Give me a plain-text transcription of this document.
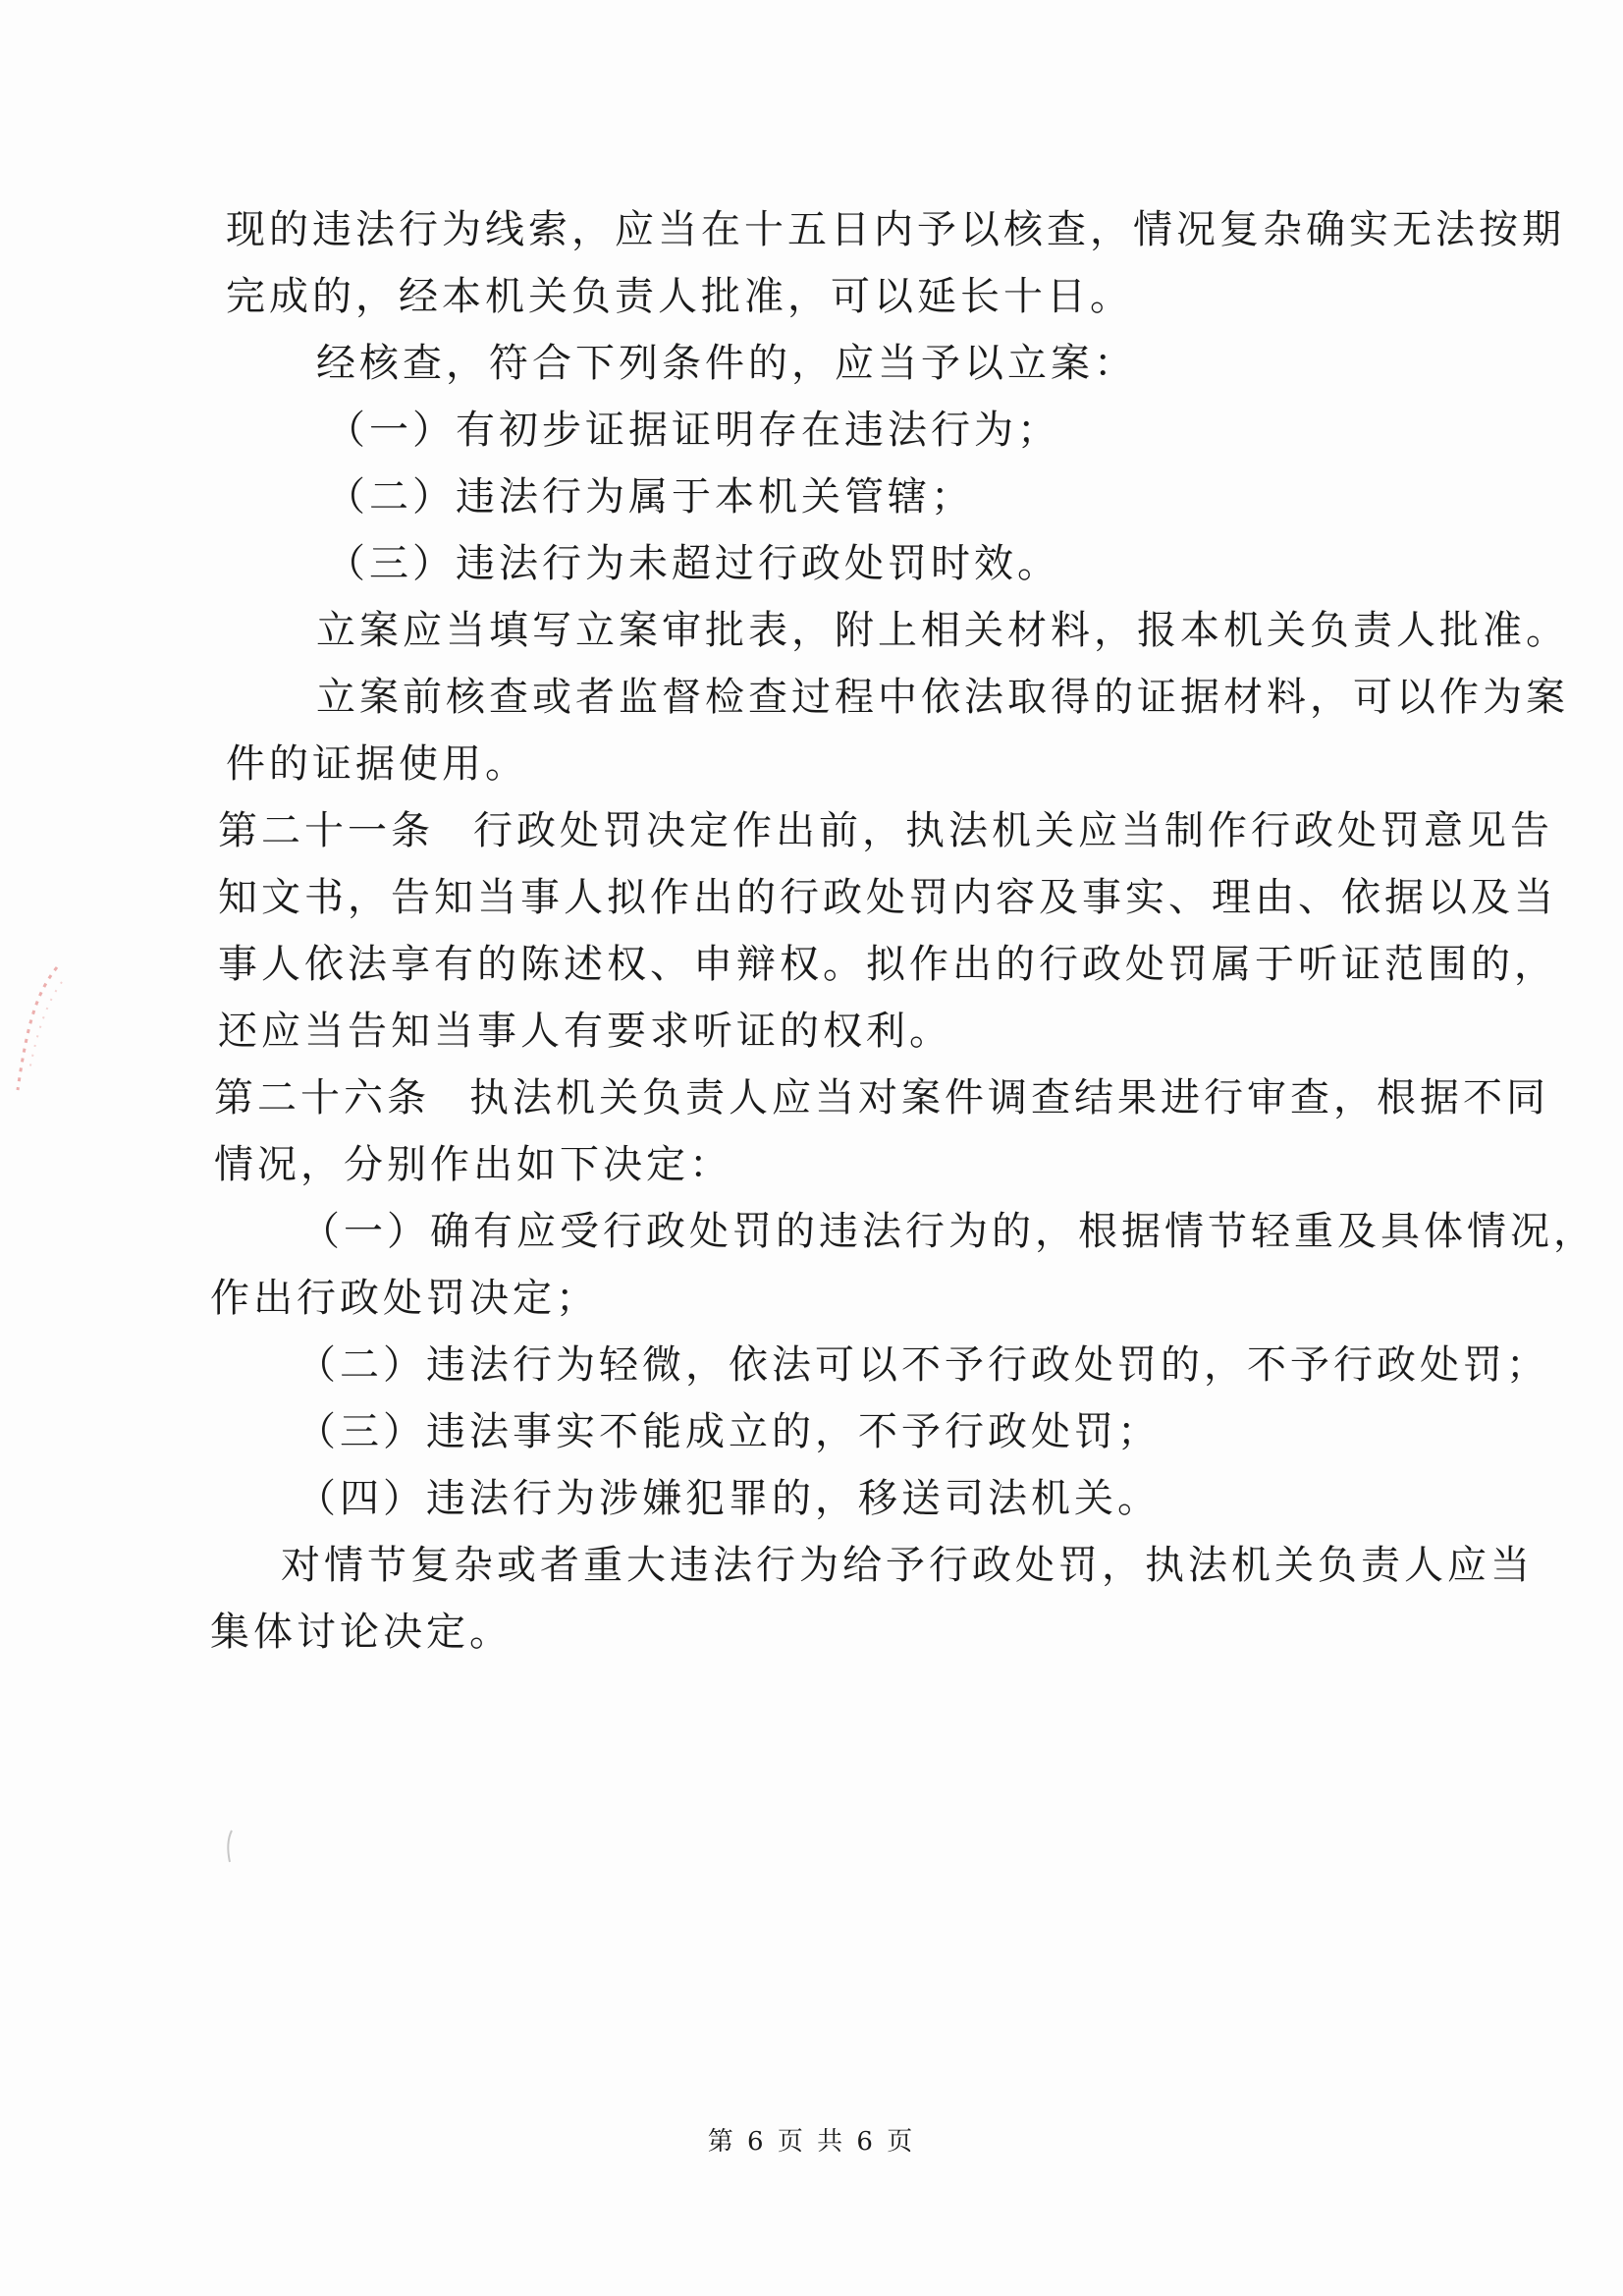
现的违法行为线索，应当在十五日内予以核查，情况复杂确实无法按期

完成的，经本机关负责人批准，可以延长十日。

经核查，符合下列条件的，应当予以立案：

（一）有初步证据证明存在违法行为；

（二）违法行为属于本机关管辖；

（三）违法行为未超过行政处罚时效。

立案应当填写立案审批表，附上相关材料，报本机关负责人批准。

立案前核查或者监督检查过程中依法取得的证据材料，可以作为案

件的证据使用。

第二十一条 行政处罚决定作出前，执法机关应当制作行政处罚意见告

知文书，告知当事人拟作出的行政处罚内容及事实、理由、依据以及当

事人依法享有的陈述权、申辩权。拟作出的行政处罚属于听证范围的，

还应当告知当事人有要求听证的权利。

第二十六条 执法机关负责人应当对案件调查结果进行审查，根据不同

情况，分别作出如下决定：

（一）确有应受行政处罚的违法行为的，根据情节轻重及具体情况，

作出行政处罚决定；

（二）违法行为轻微，依法可以不予行政处罚的，不予行政处罚；

（三）违法事实不能成立的，不予行政处罚；

（四）违法行为涉嫌犯罪的，移送司法机关。

对情节复杂或者重大违法行为给予行政处罚，执法机关负责人应当

集体讨论决定。

第 6 页 共 6 页
